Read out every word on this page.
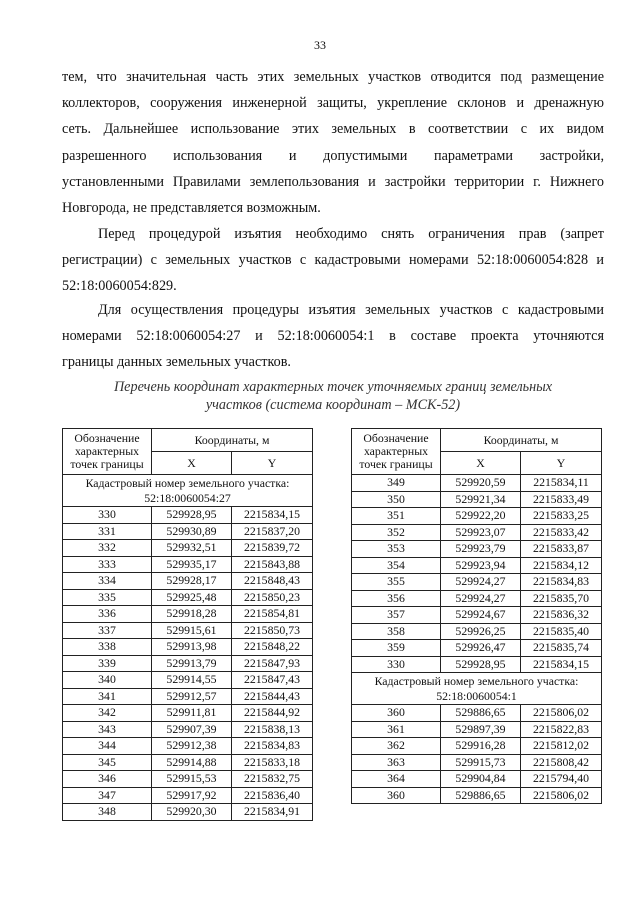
33
тем, что значительная часть этих земельных участков отводится под размещение
коллекторов, сооружения инженерной защиты, укрепление склонов и дренажную
сеть. Дальнейшее использование этих земельных в соответствии с их видом
разрешенного использования и допустимыми параметрами застройки,
установленными Правилами землепользования и застройки территории г. Нижнего
Новгорода, не представляется возможным.
Перед процедурой изъятия необходимо снять ограничения прав (запрет
регистрации) с земельных участков с кадастровыми номерами 52:18:0060054:828 и
52:18:0060054:829.
Для осуществления процедуры изъятия земельных участков с кадастровыми
номерами 52:18:0060054:27 и 52:18:0060054:1 в составе проекта уточняются
границы данных земельных участков.
Перечень координат характерных точек уточняемых границ земельных
участков (система координат – МСК-52)
Обозначение характерных точек границы	Координаты, м	
	X	Y
Кадастровый номер земельного участка: 52:18:0060054:27		
330	529928,95	2215834,15
331	529930,89	2215837,20
332	529932,51	2215839,72
333	529935,17	2215843,88
334	529928,17	2215848,43
335	529925,48	2215850,23
336	529918,28	2215854,81
337	529915,61	2215850,73
338	529913,98	2215848,22
339	529913,79	2215847,93
340	529914,55	2215847,43
341	529912,57	2215844,43
342	529911,81	2215844,92
343	529907,39	2215838,13
344	529912,38	2215834,83
345	529914,88	2215833,18
346	529915,53	2215832,75
347	529917,92	2215836,40
348	529920,30	2215834,91
Обозначение характерных точек границы	Координаты, м	
	X	Y
349	529920,59	2215834,11
350	529921,34	2215833,49
351	529922,20	2215833,25
352	529923,07	2215833,42
353	529923,79	2215833,87
354	529923,94	2215834,12
355	529924,27	2215834,83
356	529924,27	2215835,70
357	529924,67	2215836,32
358	529926,25	2215835,40
359	529926,47	2215835,74
330	529928,95	2215834,15
Кадастровый номер земельного участка: 52:18:0060054:1		
360	529886,65	2215806,02
361	529897,39	2215822,83
362	529916,28	2215812,02
363	529915,73	2215808,42
364	529904,84	2215794,40
360	529886,65	2215806,02
